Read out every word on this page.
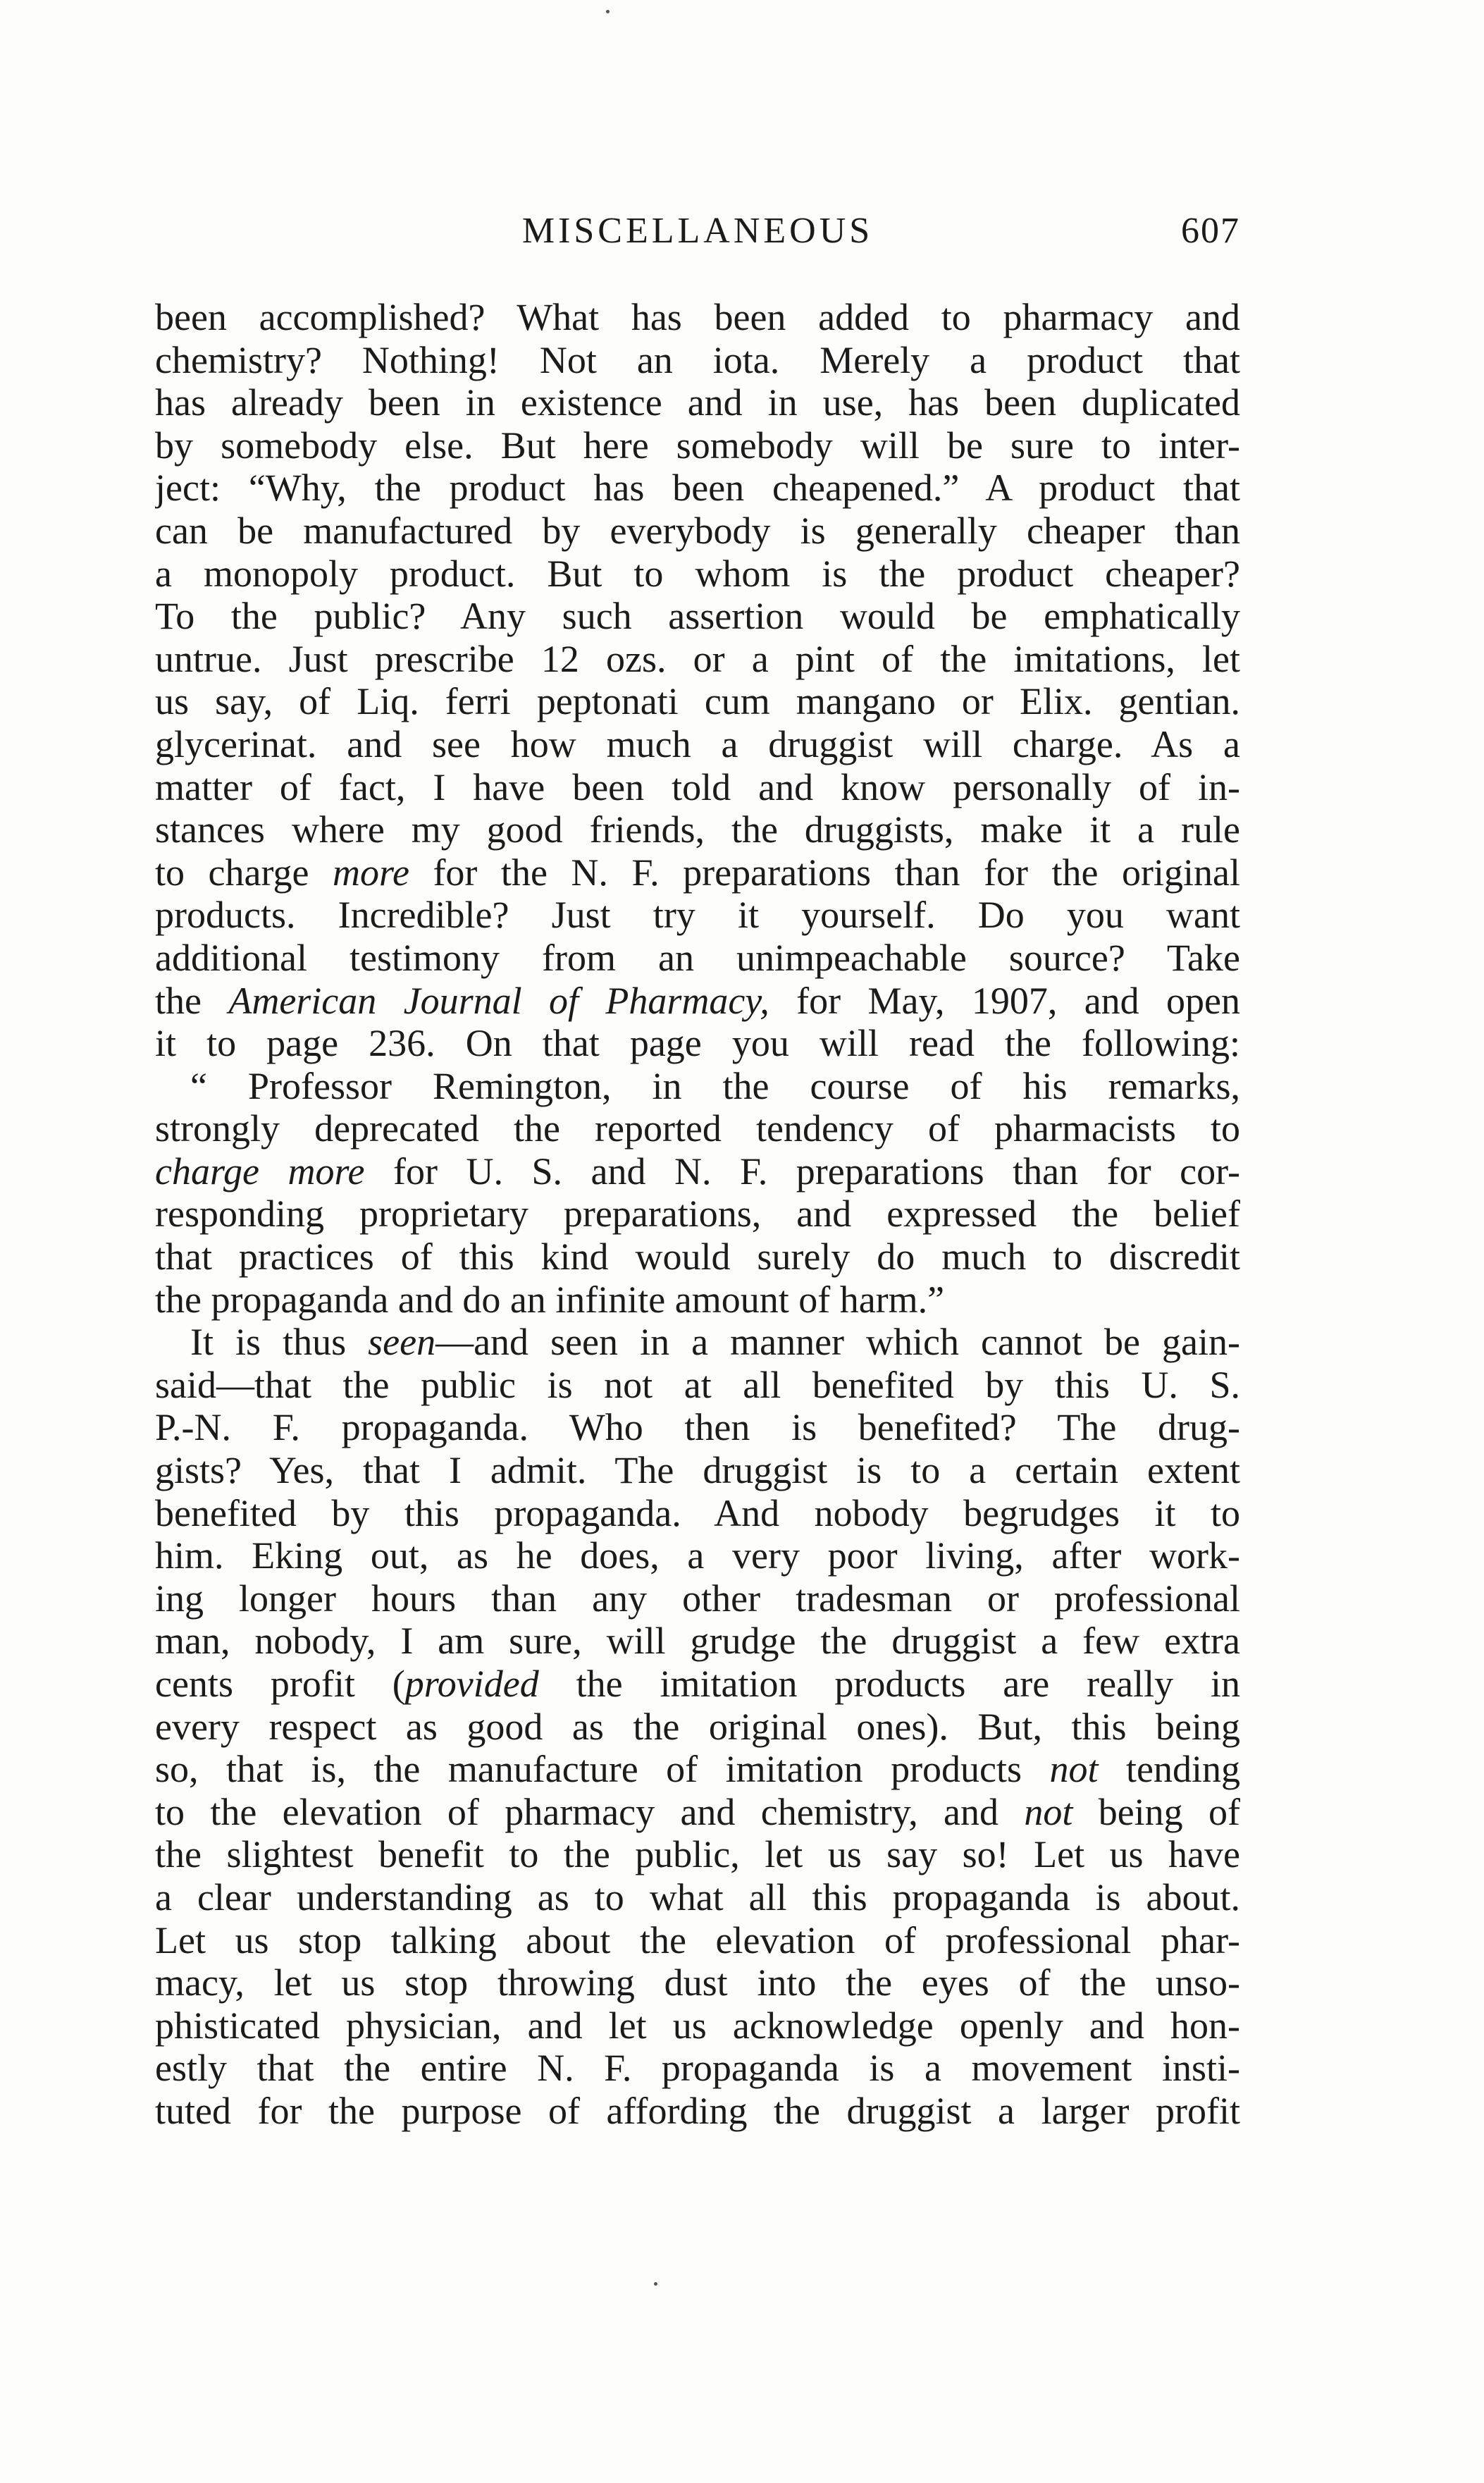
MISCELLANEOUS	607
been accomplished? What has been added to pharmacy and
chemistry? Nothing! Not an iota. Merely a product that
has already been in existence and in use, has been duplicated
by somebody else. But here somebody will be sure to inter-
ject: “Why, the product has been cheapened.” A product that
can be manufactured by everybody is generally cheaper than
a monopoly product. But to whom is the product cheaper?
To the public? Any such assertion would be emphatically
untrue. Just prescribe 12 ozs. or a pint of the imitations, let
us say, of Liq. ferri peptonati cum mangano or Elix. gentian.
glycerinat. and see how much a druggist will charge. As a
matter of fact, I have been told and know personally of in-
stances where my good friends, the druggists, make it a rule
to charge more for the N. F. preparations than for the original
products. Incredible? Just try it yourself. Do you want
additional testimony from an unimpeachable source? Take
the American Journal of Pharmacy, for May, 1907, and open
it to page 236. On that page you will read the following:
“ Professor Remington, in the course of his remarks,
strongly deprecated the reported tendency of pharmacists to
charge more for U. S. and N. F. preparations than for cor-
responding proprietary preparations, and expressed the belief
that practices of this kind would surely do much to discredit
the propaganda and do an infinite amount of harm.”
It is thus seen—and seen in a manner which cannot be gain-
said—that the public is not at all benefited by this U. S.
P.-N. F. propaganda. Who then is benefited? The drug-
gists? Yes, that I admit. The druggist is to a certain extent
benefited by this propaganda. And nobody begrudges it to
him. Eking out, as he does, a very poor living, after work-
ing longer hours than any other tradesman or professional
man, nobody, I am sure, will grudge the druggist a few extra
cents profit (provided the imitation products are really in
every respect as good as the original ones). But, this being
so, that is, the manufacture of imitation products not tending
to the elevation of pharmacy and chemistry, and not being of
the slightest benefit to the public, let us say so! Let us have
a clear understanding as to what all this propaganda is about.
Let us stop talking about the elevation of professional phar-
macy, let us stop throwing dust into the eyes of the unso-
phisticated physician, and let us acknowledge openly and hon-
estly that the entire N. F. propaganda is a movement insti-
tuted for the purpose of affording the druggist a larger profit
